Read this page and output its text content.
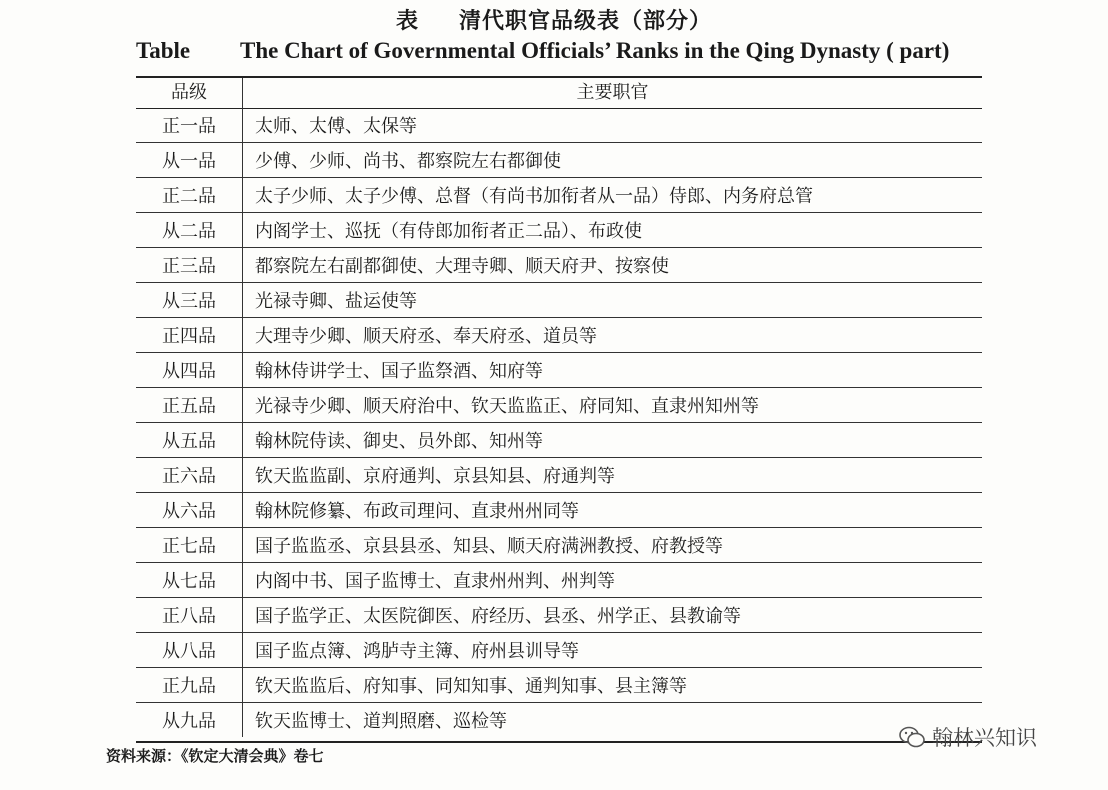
表 清代职官品级表（部分）
Table The Chart of Governmental Officials’ Ranks in the Qing Dynasty ( part)
品级	主要职官
正一品	太师、太傅、太保等
从一品	少傅、少师、尚书、都察院左右都御使
正二品	太子少师、太子少傅、总督（有尚书加衔者从一品）侍郎、内务府总管
从二品	内阁学士、巡抚（有侍郎加衔者正二品）、布政使
正三品	都察院左右副都御使、大理寺卿、顺天府尹、按察使
从三品	光禄寺卿、盐运使等
正四品	大理寺少卿、顺天府丞、奉天府丞、道员等
从四品	翰林侍讲学士、国子监祭酒、知府等
正五品	光禄寺少卿、顺天府治中、钦天监监正、府同知、直隶州知州等
从五品	翰林院侍读、御史、员外郎、知州等
正六品	钦天监监副、京府通判、京县知县、府通判等
从六品	翰林院修纂、布政司理问、直隶州州同等
正七品	国子监监丞、京县县丞、知县、顺天府满洲教授、府教授等
从七品	内阁中书、国子监博士、直隶州州判、州判等
正八品	国子监学正、太医院御医、府经历、县丞、州学正、县教谕等
从八品	国子监点簿、鸿胪寺主簿、府州县训导等
正九品	钦天监监后、府知事、同知知事、通判知事、县主簿等
从九品	钦天监博士、道判照磨、巡检等
资料来源：《钦定大清会典》卷七
翰林兴知识
